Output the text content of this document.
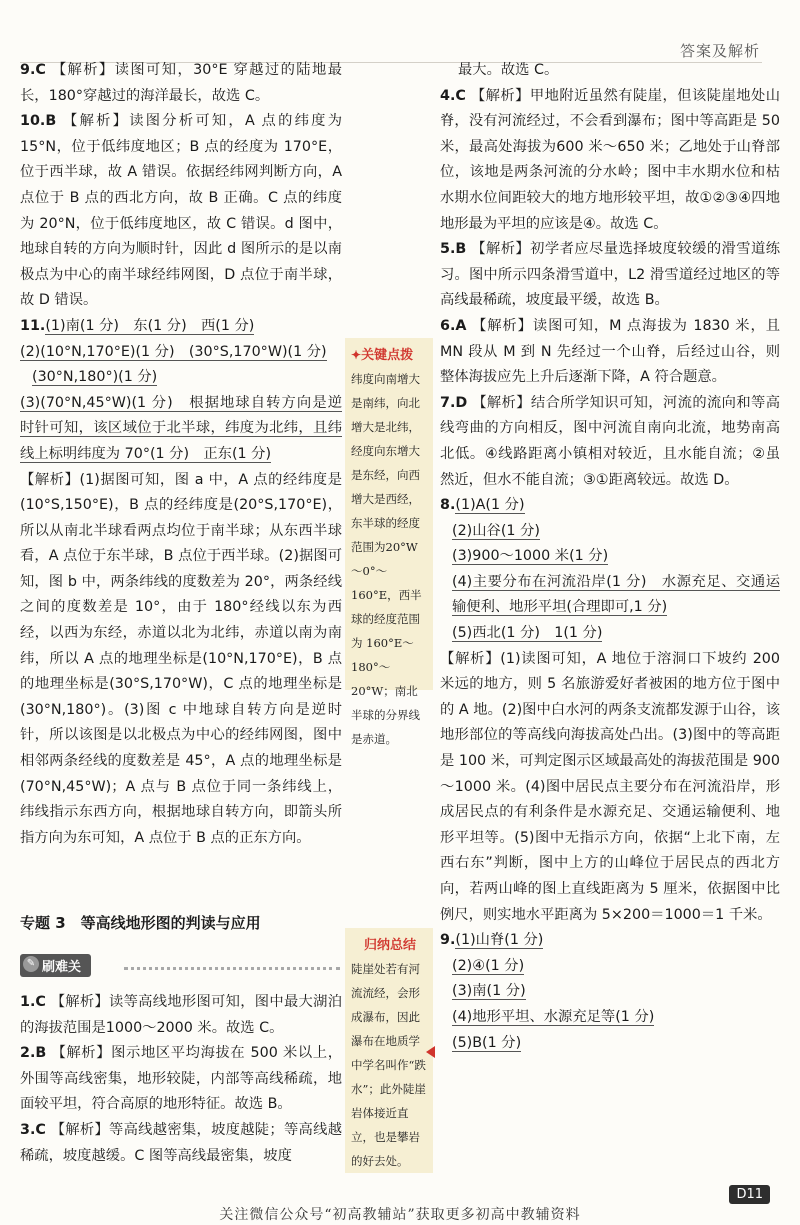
答案及解析

9.C 【解析】读图可知，30°E 穿越过的陆地最长，180°穿越过的海洋最长，故选 C。

10.B 【解析】读图分析可知，A 点的纬度为 15°N，位于低纬度地区；B 点的经度为 170°E，位于西半球，故 A 错误。依据经纬网判断方向，A 点位于 B 点的西北方向，故 B 正确。C 点的纬度为 20°N，位于低纬度地区，故 C 错误。d 图中，地球自转的方向为顺时针，因此 d 图所示的是以南极点为中心的南半球经纬网图，D 点位于南半球，故 D 错误。

11.(1)南(1 分)　东(1 分)　西(1 分)

(2)(10°N,170°E)(1 分)　(30°S,170°W)(1 分)

(30°N,180°)(1 分)

(3)(70°N,45°W)(1 分)　根据地球自转方向是逆时针可知，该区域位于北半球，纬度为北纬，且纬线上标明纬度为 70°(1 分)　正东(1 分)

【解析】(1)据图可知，图 a 中，A 点的经纬度是(10°S,150°E)，B 点的经纬度是(20°S,170°E)，所以从南北半球看两点均位于南半球；从东西半球看，A 点位于东半球，B 点位于西半球。(2)据图可知，图 b 中，两条纬线的度数差为 20°，两条经线之间的度数差是 10°，由于 180°经线以东为西经，以西为东经，赤道以北为北纬，赤道以南为南纬，所以 A 点的地理坐标是(10°N,170°E)，B 点的地理坐标是(30°S,170°W)，C 点的地理坐标是(30°N,180°)。(3)图 c 中地球自转方向是逆时针，所以该图是以北极点为中心的经纬网图，图中相邻两条经线的度数差是 45°，A 点的地理坐标是(70°N,45°W)；A 点与 B 点位于同一条纬线上，纬线指示东西方向，根据地球自转方向，即箭头所指方向为东可知，A 点位于 B 点的正东方向。

专题 3　等高线地形图的判读与应用
✎ 刷难关

1.C 【解析】读等高线地形图可知，图中最大湖泊的海拔范围是1000～2000 米。故选 C。

2.B 【解析】图示地区平均海拔在 500 米以上，外围等高线密集，地形较陡，内部等高线稀疏，地面较平坦，符合高原的地形特征。故选 B。

3.C 【解析】等高线越密集，坡度越陡；等高线越稀疏，坡度越缓。C 图等高线最密集，坡度

✦关键点拨

纬度向南增大是南纬，向北增大是北纬，经度向东增大是东经，向西增大是西经，东半球的经度范围为20°W～0°～160°E，西半球的经度范围为 160°E～180°～20°W；南北半球的分界线是赤道。

归纳总结

陡崖处若有河流流经，会形成瀑布，因此瀑布在地质学中学名叫作“跌水”；此外陡崖岩体接近直立，也是攀岩的好去处。

最大。故选 C。

4.C 【解析】甲地附近虽然有陡崖，但该陡崖地处山脊，没有河流经过，不会看到瀑布；图中等高距是 50 米，最高处海拔为600 米～650 米；乙地处于山脊部位，该地是两条河流的分水岭；图中丰水期水位和枯水期水位间距较大的地方地形较平坦，故①②③④四地地形最为平坦的应该是④。故选 C。

5.B 【解析】初学者应尽量选择坡度较缓的滑雪道练习。图中所示四条滑雪道中，L2 滑雪道经过地区的等高线最稀疏，坡度最平缓，故选 B。

6.A 【解析】读图可知，M 点海拔为 1830 米，且 MN 段从 M 到 N 先经过一个山脊，后经过山谷，则整体海拔应先上升后逐渐下降，A 符合题意。

7.D 【解析】结合所学知识可知，河流的流向和等高线弯曲的方向相反，图中河流自南向北流，地势南高北低。④线路距离小镇相对较近，且水能自流；②虽然近，但水不能自流；③①距离较远。故选 D。

8.(1)A(1 分)

(2)山谷(1 分)

(3)900～1000 米(1 分)

(4)主要分布在河流沿岸(1 分)　水源充足、交通运输便利、地形平坦(合理即可,1 分)

(5)西北(1 分)　1(1 分)

【解析】(1)读图可知，A 地位于溶洞口下坡约 200 米远的地方，则 5 名旅游爱好者被困的地方位于图中的 A 地。(2)图中白水河的两条支流都发源于山谷，该地形部位的等高线向海拔高处凸出。(3)图中的等高距是 100 米，可判定图示区域最高处的海拔范围是 900～1000 米。(4)图中居民点主要分布在河流沿岸，形成居民点的有利条件是水源充足、交通运输便利、地形平坦等。(5)图中无指示方向，依据“上北下南，左西右东”判断，图中上方的山峰位于居民点的西北方向，若两山峰的图上直线距离为 5 厘米，依据图中比例尺，则实地水平距离为 5×200＝1000＝1 千米。

9.(1)山脊(1 分)

(2)④(1 分)

(3)南(1 分)

(4)地形平坦、水源充足等(1 分)

(5)B(1 分)

D11
关注微信公众号“初高教辅站”获取更多初高中教辅资料
